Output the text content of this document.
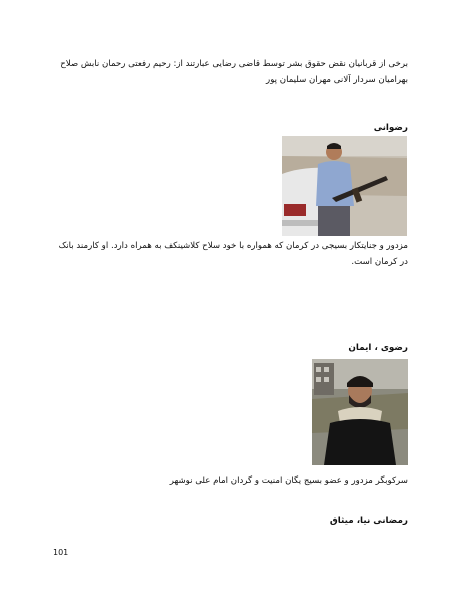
برخی از قربانیان نقض حقوق بشر توسط قاضی رضایی عبارتند از: رحیم رفعتی رحمان نابش صلاح
بهرامیان سردار آلانی مهران سلیمان پور
رضوانی
مزدور و جنایتکار بسیجی در کرمان که همواره با خود سلاح کلاشینکف به همراه دارد. او کارمند بانک
در کرمان است.
رضوی ، ایمان
سرکوبگر مزدور و عضو بسیج یگان امنیت و گردان امام علی نوشهر
رمضانی نیا، میثاق
101
